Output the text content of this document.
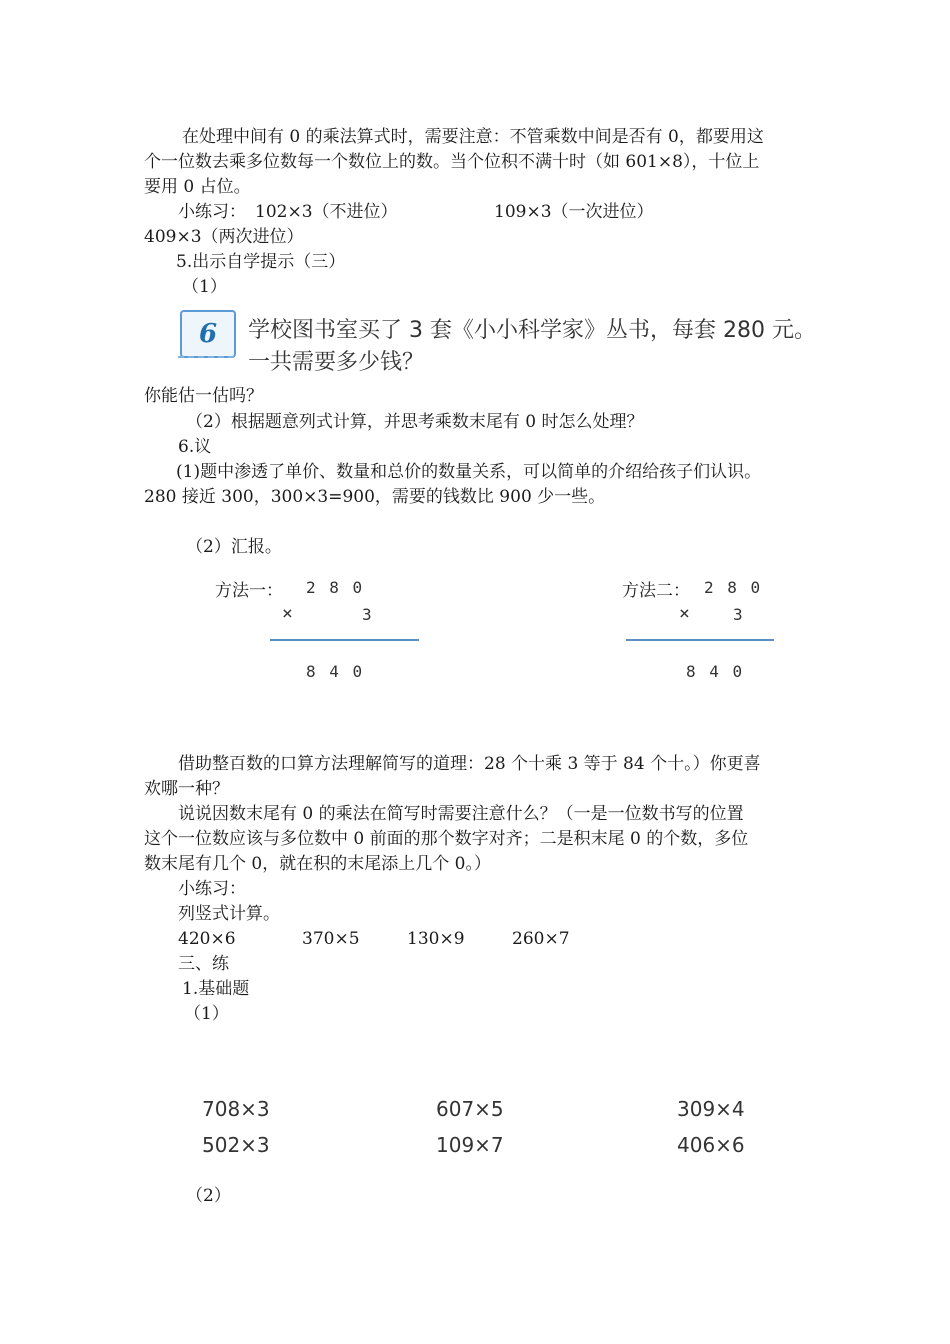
在处理中间有 0 的乘法算式时，需要注意：不管乘数中间是否有 0，都要用这
个一位数去乘多位数每一个数位上的数。当个位积不满十时（如 601×8），十位上
要用 0 占位。
小练习： 102×3（不进位）	109×3（一次进位）
409×3（两次进位）
5.出示自学提示（三）
（1）
6 学校图书室买了 3 套《小小科学家》丛书，每套 280 元。
一共需要多少钱？
你能估一估吗？
（2）根据题意列式计算，并思考乘数末尾有 0 时怎么处理？
6.议
(1)题中渗透了单价、数量和总价的数量关系，可以简单的介绍给孩子们认识。
280 接近 300，300×3=900，需要的钱数比 900 少一些。
（2）汇报。
方法一： 2 8 0
×	3
8 4 0
方法二： 2 8 0
×	3
8 4 0
借助整百数的口算方法理解简写的道理：28 个十乘 3 等于 84 个十。）你更喜
欢哪一种？
说说因数末尾有 0 的乘法在简写时需要注意什么？（一是一位数书写的位置
这个一位数应该与多位数中 0 前面的那个数字对齐；二是积末尾 0 的个数，多位
数末尾有几个 0，就在积的末尾添上几个 0。）
小练习：
列竖式计算。
420×6	370×5	130×9	260×7
三、练
1.基础题
（1）
708×3	607×5	309×4
502×3	109×7	406×6
（2）
